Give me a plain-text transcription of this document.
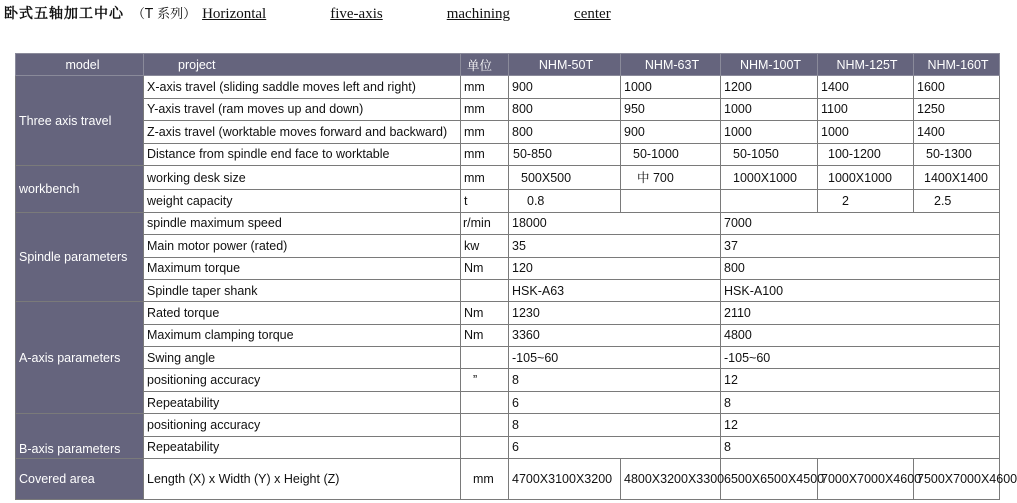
卧式五轴加工中心 （T 系列） Horizontal	five-axis	machining	center
model	project	单位	NHM-50T	NHM-63T	NHM-100T	NHM-125T	NHM-160T
Three axis travel	X-axis travel (sliding saddle moves left and right)	mm	900	1000	1200	1400	1600
	Y-axis travel (ram moves up and down)	mm	800	950	1000	1100	1250
	Z-axis travel (worktable moves forward and backward)	mm	800	900	1000	1000	1400
	Distance from spindle end face to worktable	mm	50-850	50-1000	50-1050	100-1200	50-1300
workbench	working desk size	mm	500X500	中 700	1000X1000	1000X1000	1400X1400
	weight capacity	t	0.8			2	2.5
Spindle parameters	spindle maximum speed	r/min	18000		7000		
	Main motor power (rated)	kw	35		37		
	Maximum torque	Nm	120		800		
	Spindle taper shank		HSK-A63		HSK-A100		
A-axis parameters	Rated torque	Nm	1230		2110		
	Maximum clamping torque	Nm	3360		4800		
	Swing angle		-105~60		-105~60		
	positioning accuracy	”	8		12		
	Repeatability		6		8		
B-axis parameters	positioning accuracy		8		12		
	Repeatability		6		8		
Covered area	Length (X) x Width (Y) x Height (Z)	mm	4700X3100X3200	4800X3200X3300	6500X6500X4500	7000X7000X4600	7500X7000X4600
